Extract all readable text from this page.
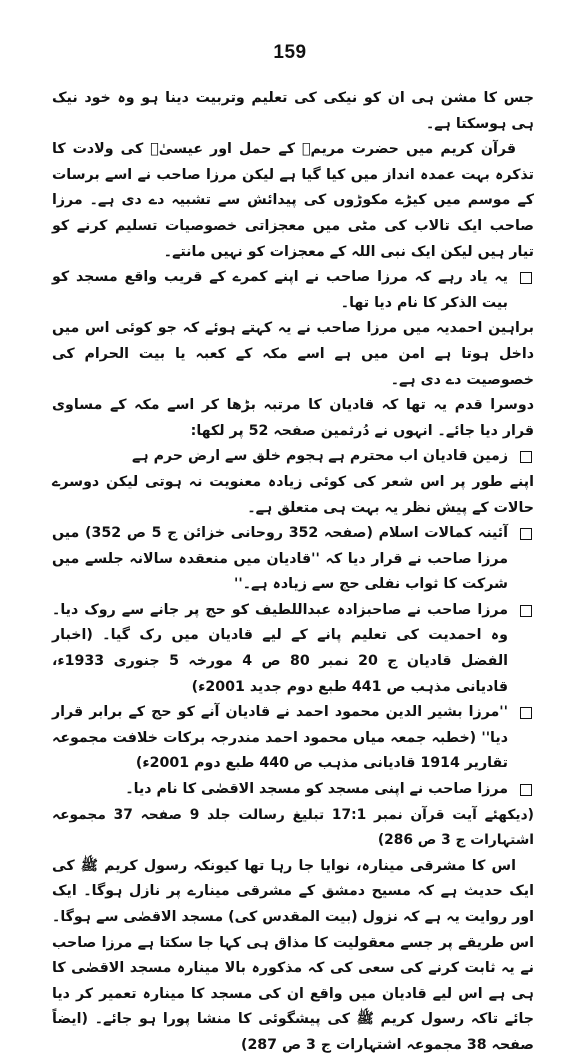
159

جس کا مشن ہی ان کو نیکی کی تعلیم وتربیت دینا ہو وہ خود نیک ہی ہوسکتا ہے۔

قرآن کریم میں حضرت مریمؑ کے حمل اور عیسیٰؑ کی ولادت کا تذکرہ بہت عمدہ انداز میں کیا گیا ہے لیکن مرزا صاحب نے اسے برسات کے موسم میں کیڑے مکوڑوں کی پیدائش سے تشبیہ دے دی ہے۔ مرزا صاحب ایک تالاب کی مٹی میں معجزاتی خصوصیات تسلیم کرنے کو تیار ہیں لیکن ایک نبی اللہ کے معجزات کو نہیں مانتے۔

یہ یاد رہے کہ مرزا صاحب نے اپنے کمرے کے قریب واقع مسجد کو بیت الذکر کا نام دیا تھا۔

براہین احمدیہ میں مرزا صاحب نے یہ کہتے ہوئے کہ جو کوئی اس میں داخل ہوتا ہے امن میں ہے اسے مکہ کے کعبہ یا بیت الحرام کی خصوصیت دے دی ہے۔

دوسرا قدم یہ تھا کہ قادیان کا مرتبہ بڑھا کر اسے مکہ کے مساوی قرار دیا جائے۔ انہوں نے دُرثمین صفحہ 52 پر لکھا:

زمین قادیان اب محترم ہے
ہجوم خلق سے ارض حرم ہے

اپنے طور پر اس شعر کی کوئی زیادہ معنویت نہ ہوتی لیکن دوسرے حالات کے پیش نظر یہ بہت ہی متعلق ہے۔

آئینہ کمالات اسلام (صفحہ 352 روحانی خزائن ج 5 ص 352) میں مرزا صاحب نے قرار دیا کہ ''قادیان میں منعقدہ سالانہ جلسے میں شرکت کا ثواب نفلی حج سے زیادہ ہے۔''
مرزا صاحب نے صاحبزادہ عبداللطیف کو حج پر جانے سے روک دیا۔ وہ احمدیت کی تعلیم پانے کے لیے قادیان میں رک گیا۔ (اخبار الفضل قادیان ج 20 نمبر 80 ص 4 مورخہ 5 جنوری 1933ء، قادیانی مذہب ص 441 طبع دوم جدید 2001ء)
''مرزا بشیر الدین محمود احمد نے قادیان آنے کو حج کے برابر قرار دیا'' (خطبہ جمعہ میاں محمود احمد مندرجہ برکات خلافت مجموعہ تقاریر 1914 قادیانی مذہب ص 440 طبع دوم 2001ء)
مرزا صاحب نے اپنی مسجد کو مسجد الاقصٰی کا نام دیا۔

(دیکھئے آیت قرآن نمبر 17:1 تبلیغ رسالت جلد 9 صفحہ 37 مجموعہ اشتہارات ج 3 ص 286)

اس کا مشرقی مینارہ، نوایا جا رہا تھا کیونکہ رسول کریم ﷺ کی ایک حدیث ہے کہ مسیح دمشق کے مشرقی مینارے پر نازل ہوگا۔ ایک اور روایت یہ ہے کہ نزول (بیت المقدس کی) مسجد الاقصٰی سے ہوگا۔ اس طریقے پر جسے معقولیت کا مذاق ہی کہا جا سکتا ہے مرزا صاحب نے یہ ثابت کرنے کی سعی کی کہ مذکورہ بالا مینارہ مسجد الاقصٰی کا ہی ہے اس لیے قادیان میں واقع ان کی مسجد کا مینارہ تعمیر کر دیا جائے تاکہ رسول کریم ﷺ کی پیشگوئی کا منشا پورا ہو جائے۔ (ایضاً صفحہ 38 مجموعہ اشتہارات ج 3 ص 287)
